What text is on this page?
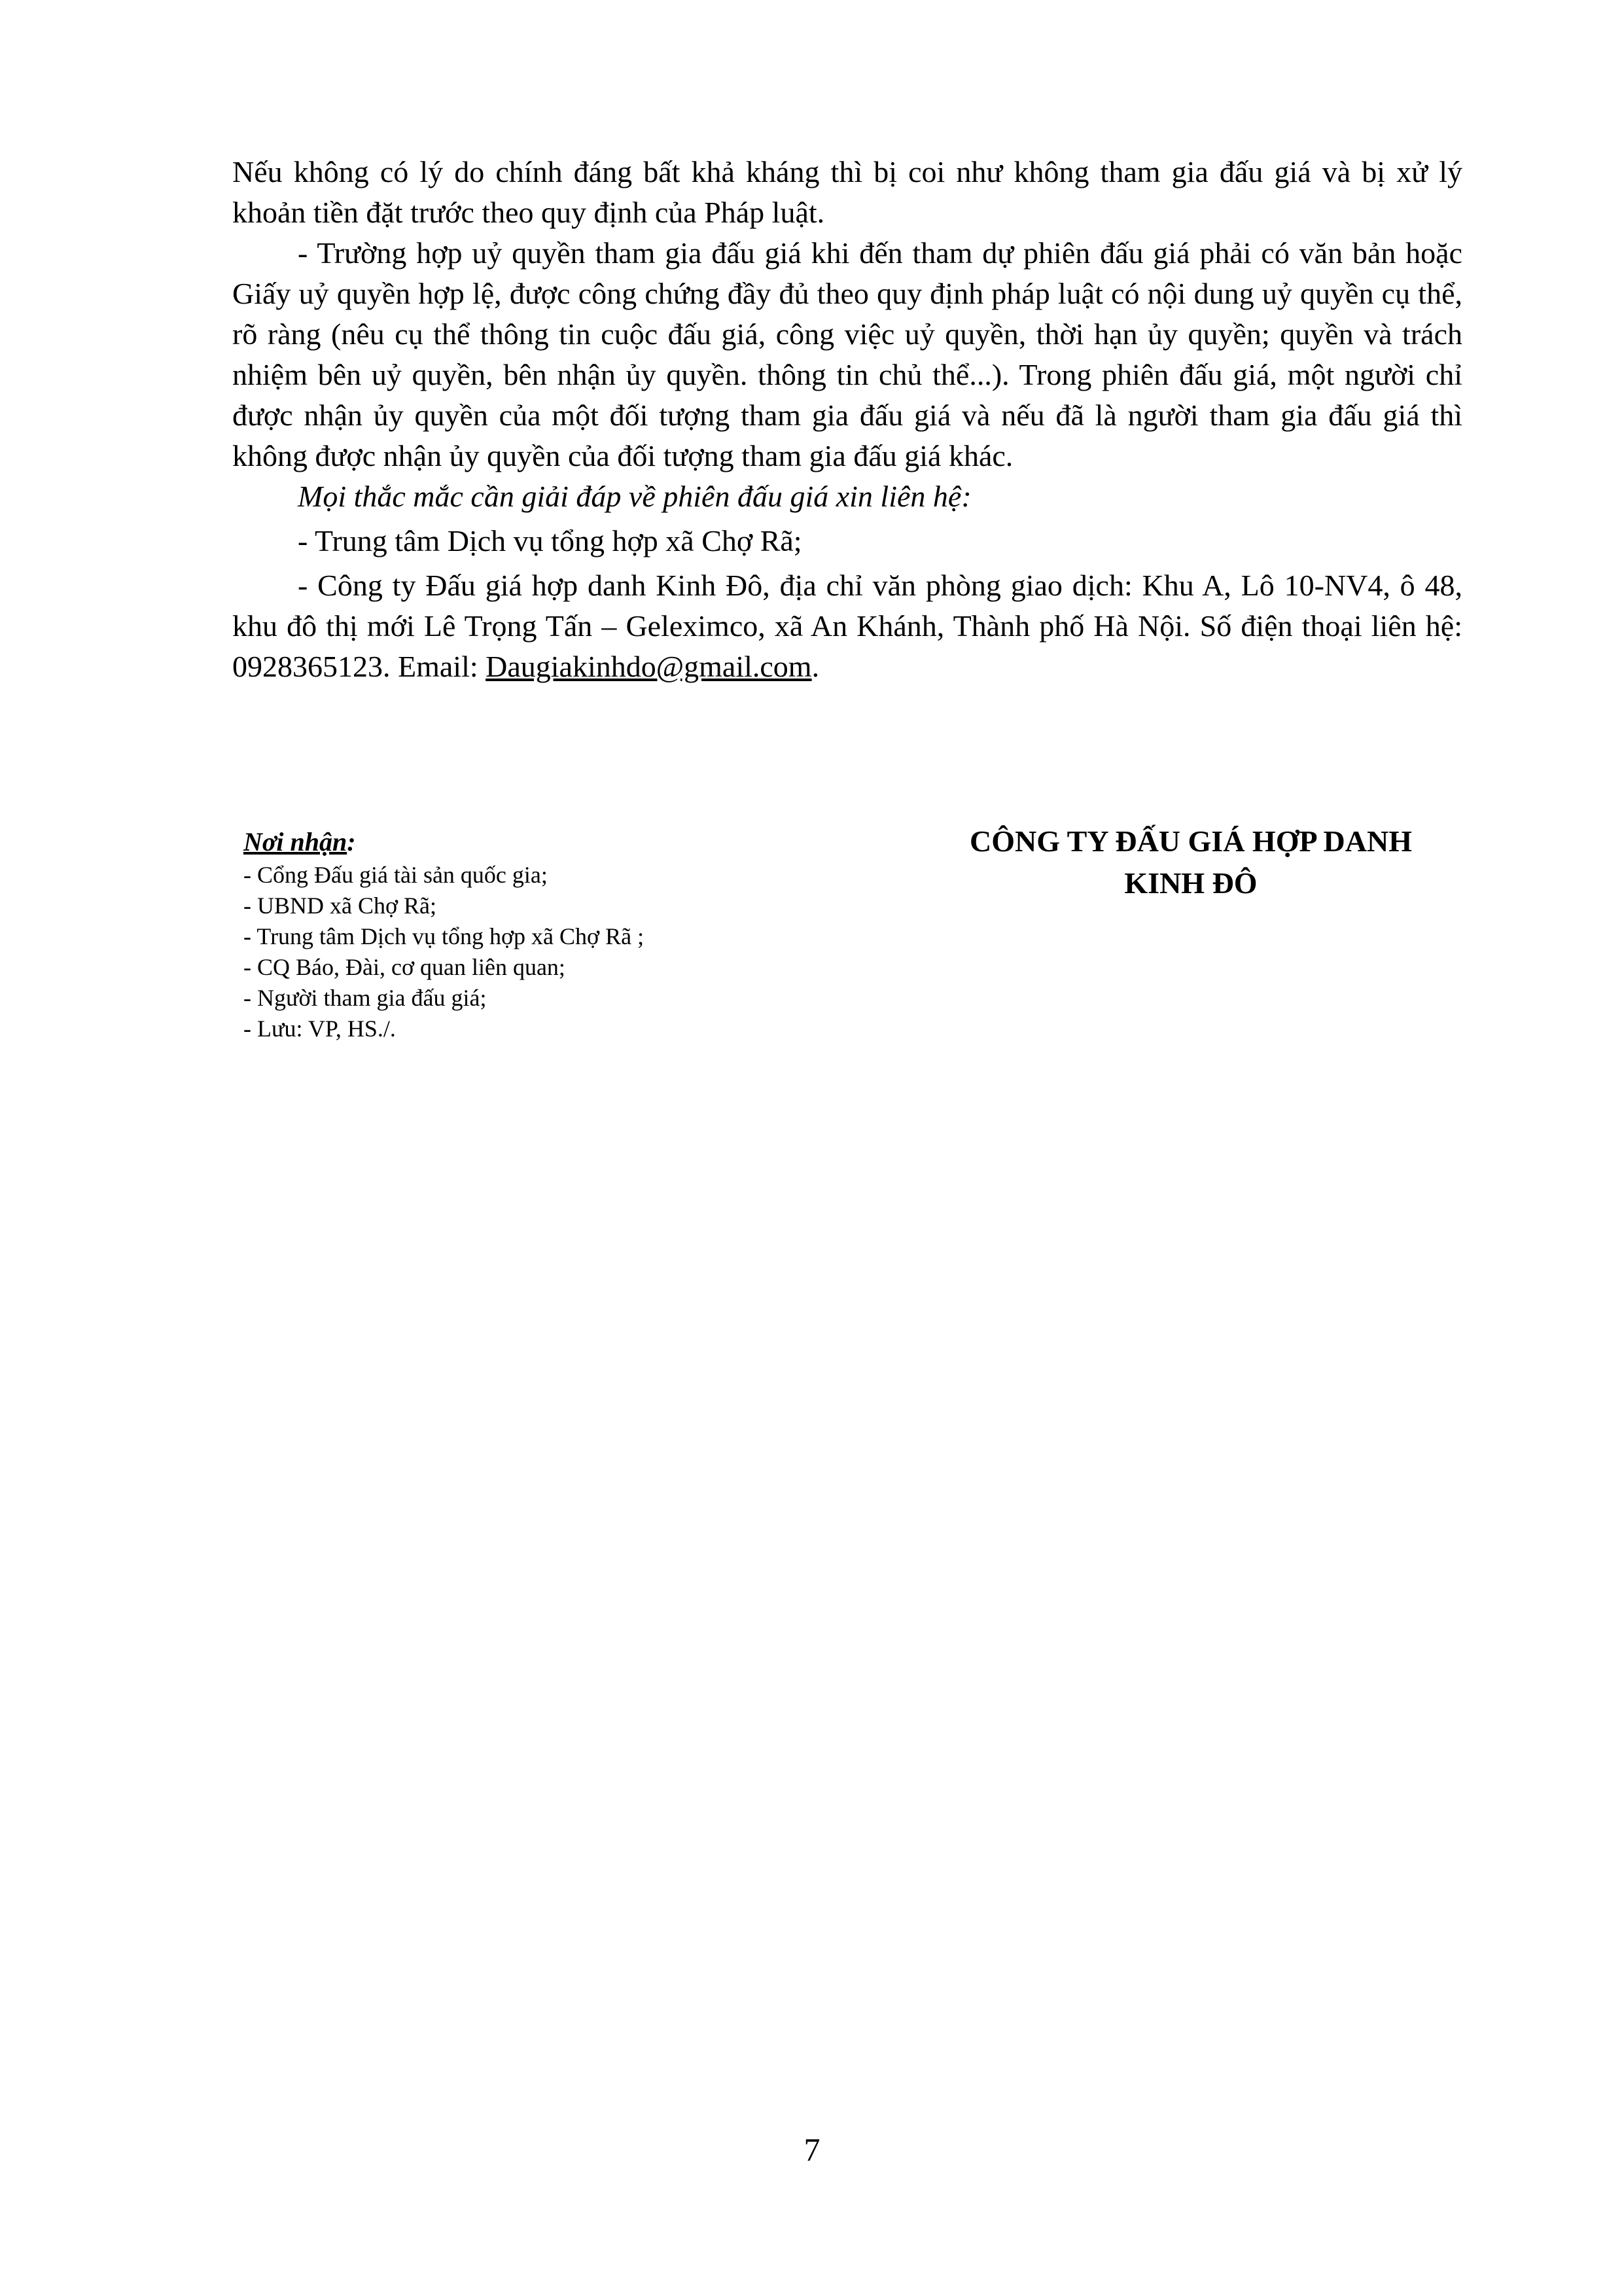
Nếu không có lý do chính đáng bất khả kháng thì bị coi như không tham gia đấu giá và bị xử lý khoản tiền đặt trước theo quy định của Pháp luật.

- Trường hợp uỷ quyền tham gia đấu giá khi đến tham dự phiên đấu giá phải có văn bản hoặc Giấy uỷ quyền hợp lệ, được công chứng đầy đủ theo quy định pháp luật có nội dung uỷ quyền cụ thể, rõ ràng (nêu cụ thể thông tin cuộc đấu giá, công việc uỷ quyền, thời hạn ủy quyền; quyền và trách nhiệm bên uỷ quyền, bên nhận ủy quyền. thông tin chủ thể...). Trong phiên đấu giá, một người chỉ được nhận ủy quyền của một đối tượng tham gia đấu giá và nếu đã là người tham gia đấu giá thì không được nhận ủy quyền của đối tượng tham gia đấu giá khác.

Mọi thắc mắc cần giải đáp về phiên đấu giá xin liên hệ:

- Trung tâm Dịch vụ tổng hợp xã Chợ Rã;

- Công ty Đấu giá hợp danh Kinh Đô, địa chỉ văn phòng giao dịch: Khu A, Lô 10-NV4, ô 48, khu đô thị mới Lê Trọng Tấn – Geleximco, xã An Khánh, Thành phố Hà Nội. Số điện thoại liên hệ: 0928365123. Email: Daugiakinhdo@gmail.com.

Nơi nhận:

- Cổng Đấu giá tài sản quốc gia;
- UBND xã Chợ Rã;
- Trung tâm Dịch vụ tổng hợp xã Chợ Rã ;
- CQ Báo, Đài, cơ quan liên quan;
- Người tham gia đấu giá;
- Lưu: VP, HS./.
CÔNG TY ĐẤU GIÁ HỢP DANH
KINH ĐÔ
7
